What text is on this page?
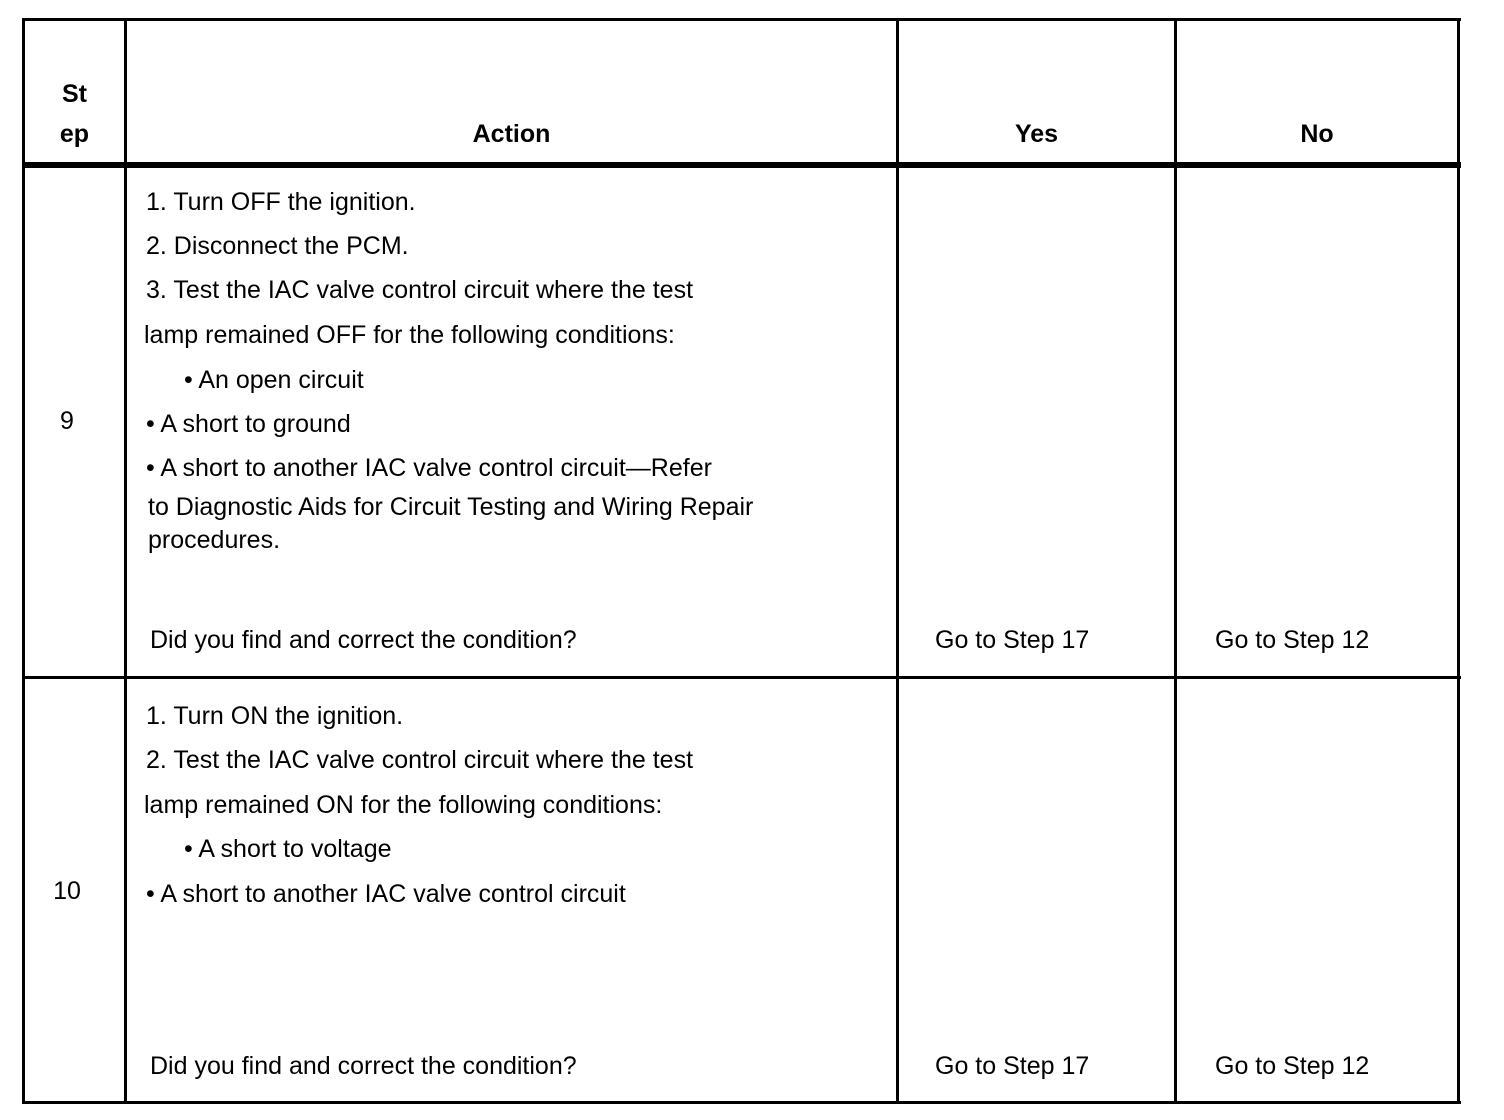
St
ep	Action	Yes	No
9
1. Turn OFF the ignition.
2. Disconnect the PCM.
3. Test the IAC valve control circuit where the test
lamp remained OFF for the following conditions:
• An open circuit
• A short to ground
• A short to another IAC valve control circuit—Refer
to Diagnostic Aids for Circuit Testing and Wiring Repair
procedures.
Did you find and correct the condition?	Go to Step 17	Go to Step 12
10
1. Turn ON the ignition.
2. Test the IAC valve control circuit where the test
lamp remained ON for the following conditions:
• A short to voltage
• A short to another IAC valve control circuit
Did you find and correct the condition?	Go to Step 17	Go to Step 12
